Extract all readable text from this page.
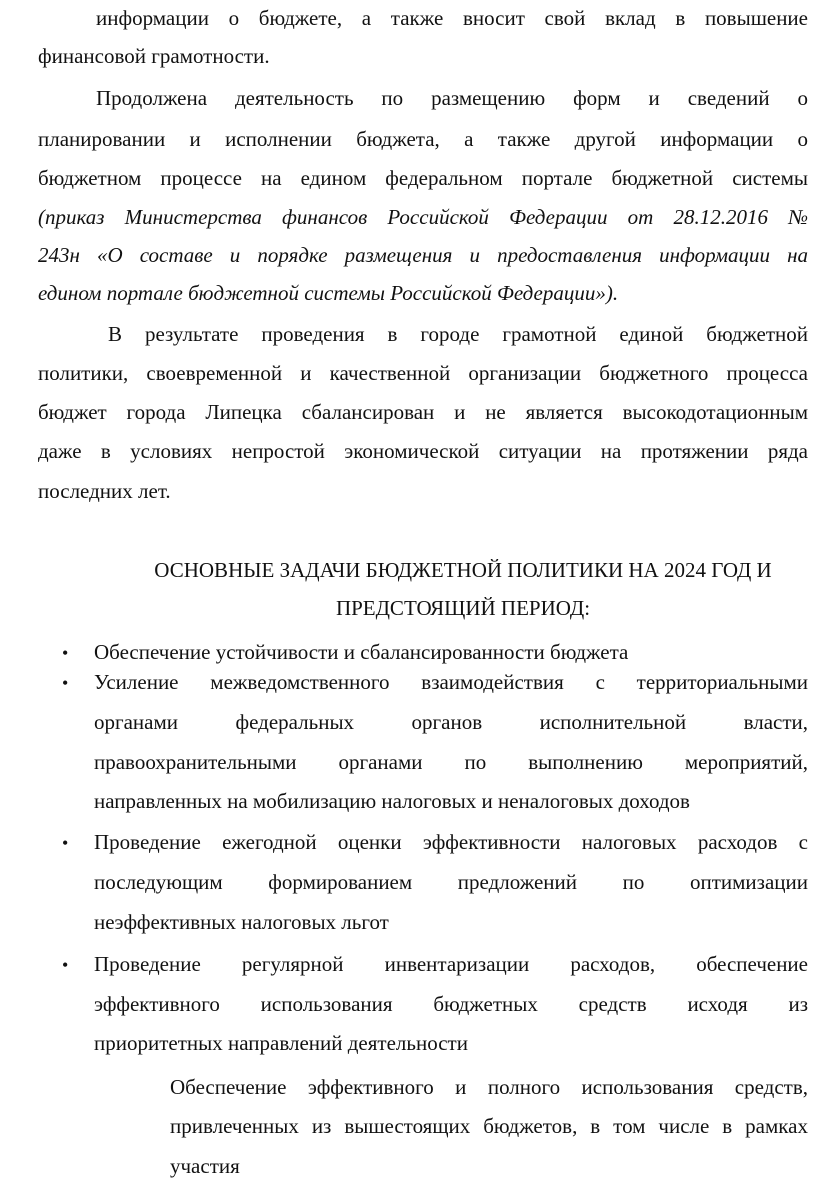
информации о бюджете, а также вносит свой вклад в повышение
финансовой грамотности.
Продолжена деятельность по размещению форм и сведений о
планировании и исполнении бюджета, а также другой информации о
бюджетном процессе на едином федеральном портале бюджетной системы
(приказ Министерства финансов Российской Федерации от 28.12.2016 №
243н «О составе и порядке размещения и предоставления информации на
едином портале бюджетной системы Российской Федерации»).
В результате проведения в городе грамотной единой бюджетной
политики, своевременной и качественной организации бюджетного процесса
бюджет города Липецка сбалансирован и не является высокодотационным
даже в условиях непростой экономической ситуации на протяжении ряда
последних лет.
ОСНОВНЫЕ ЗАДАЧИ БЮДЖЕТНОЙ ПОЛИТИКИ НА 2024 ГОД И
ПРЕДСТОЯЩИЙ ПЕРИОД:
• Обеспечение устойчивости и сбалансированности бюджета
• Усиление межведомственного взаимодействия с территориальными
органами федеральных органов исполнительной власти,
правоохранительными органами по выполнению мероприятий,
направленных на мобилизацию налоговых и неналоговых доходов
• Проведение ежегодной оценки эффективности налоговых расходов с
последующим формированием предложений по оптимизации
неэффективных налоговых льгот
• Проведение регулярной инвентаризации расходов, обеспечение
эффективного использования бюджетных средств исходя из
приоритетных направлений деятельности
Обеспечение эффективного и полного использования средств,
привлеченных из вышестоящих бюджетов, в том числе в рамках
участия
